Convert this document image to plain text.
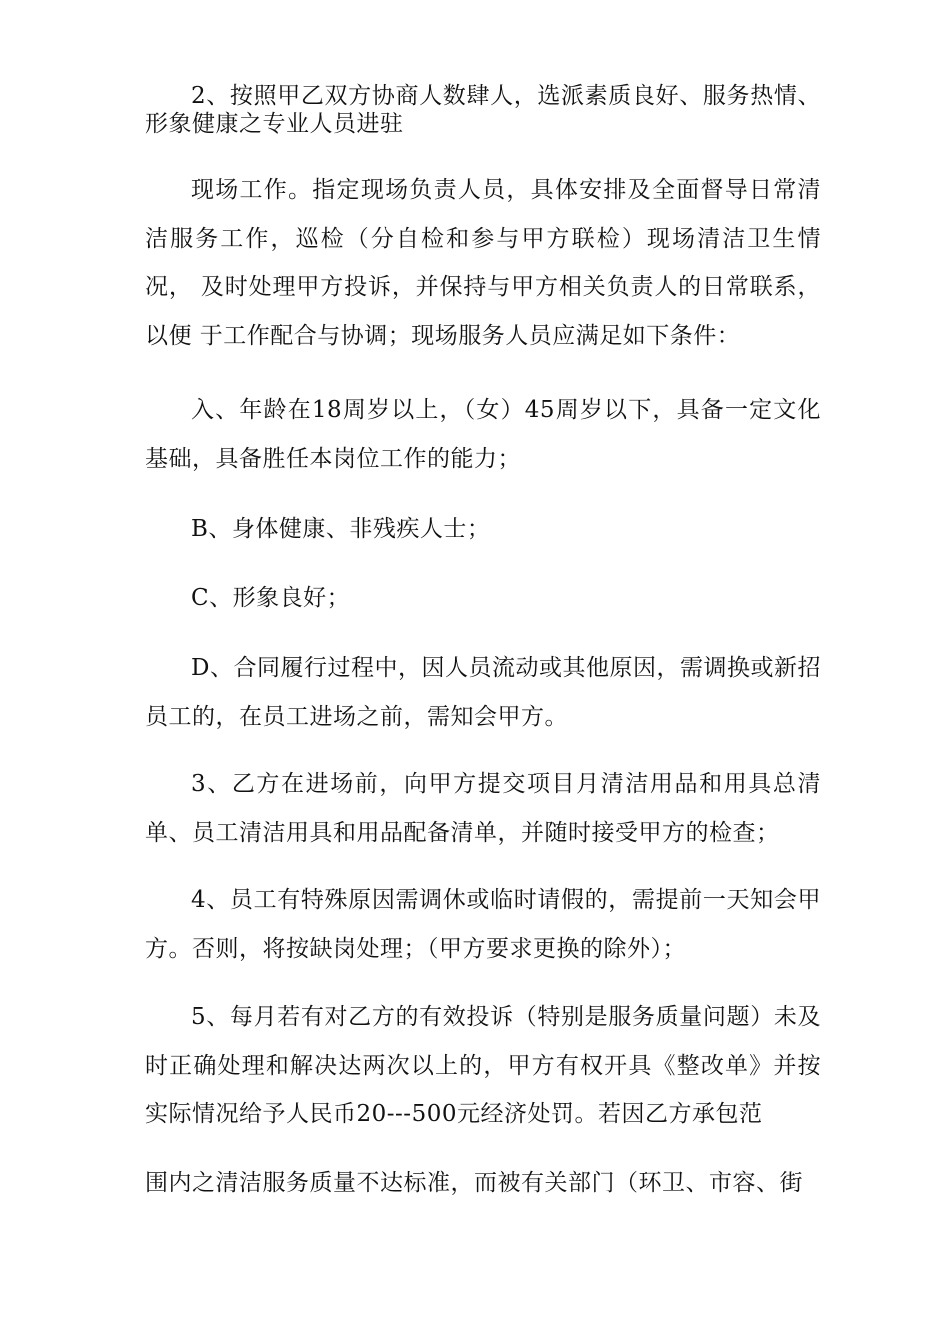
2、按照甲乙双方协商人数肆人，选派素质良好、服务热情、形象健康之专业人员进驻

现场工作。指定现场负责人员，具体安排及全面督导日常清洁服务工作，巡检（分自检和参与甲方联检）现场清洁卫生情况， 及时处理甲方投诉，并保持与甲方相关负责人的日常联系，以便 于工作配合与协调；现场服务人员应满足如下条件：

入、年龄在18周岁以上，（女）45周岁以下，具备一定文化基础，具备胜任本岗位工作的能力；

B、身体健康、非残疾人士；

C、形象良好；

D、合同履行过程中，因人员流动或其他原因，需调换或新招员工的，在员工进场之前，需知会甲方。

3、乙方在进场前，向甲方提交项目月清洁用品和用具总清单、员工清洁用具和用品配备清单，并随时接受甲方的检查；

4、员工有特殊原因需调休或临时请假的，需提前一天知会甲方。否则，将按缺岗处理；（甲方要求更换的除外）；

5、每月若有对乙方的有效投诉（特别是服务质量问题）未及时正确处理和解决达两次以上的，甲方有权开具《整改单》并按实际情况给予人民币20---500元经济处罚。若因乙方承包范

围内之清洁服务质量不达标准，而被有关部门（环卫、市容、街
